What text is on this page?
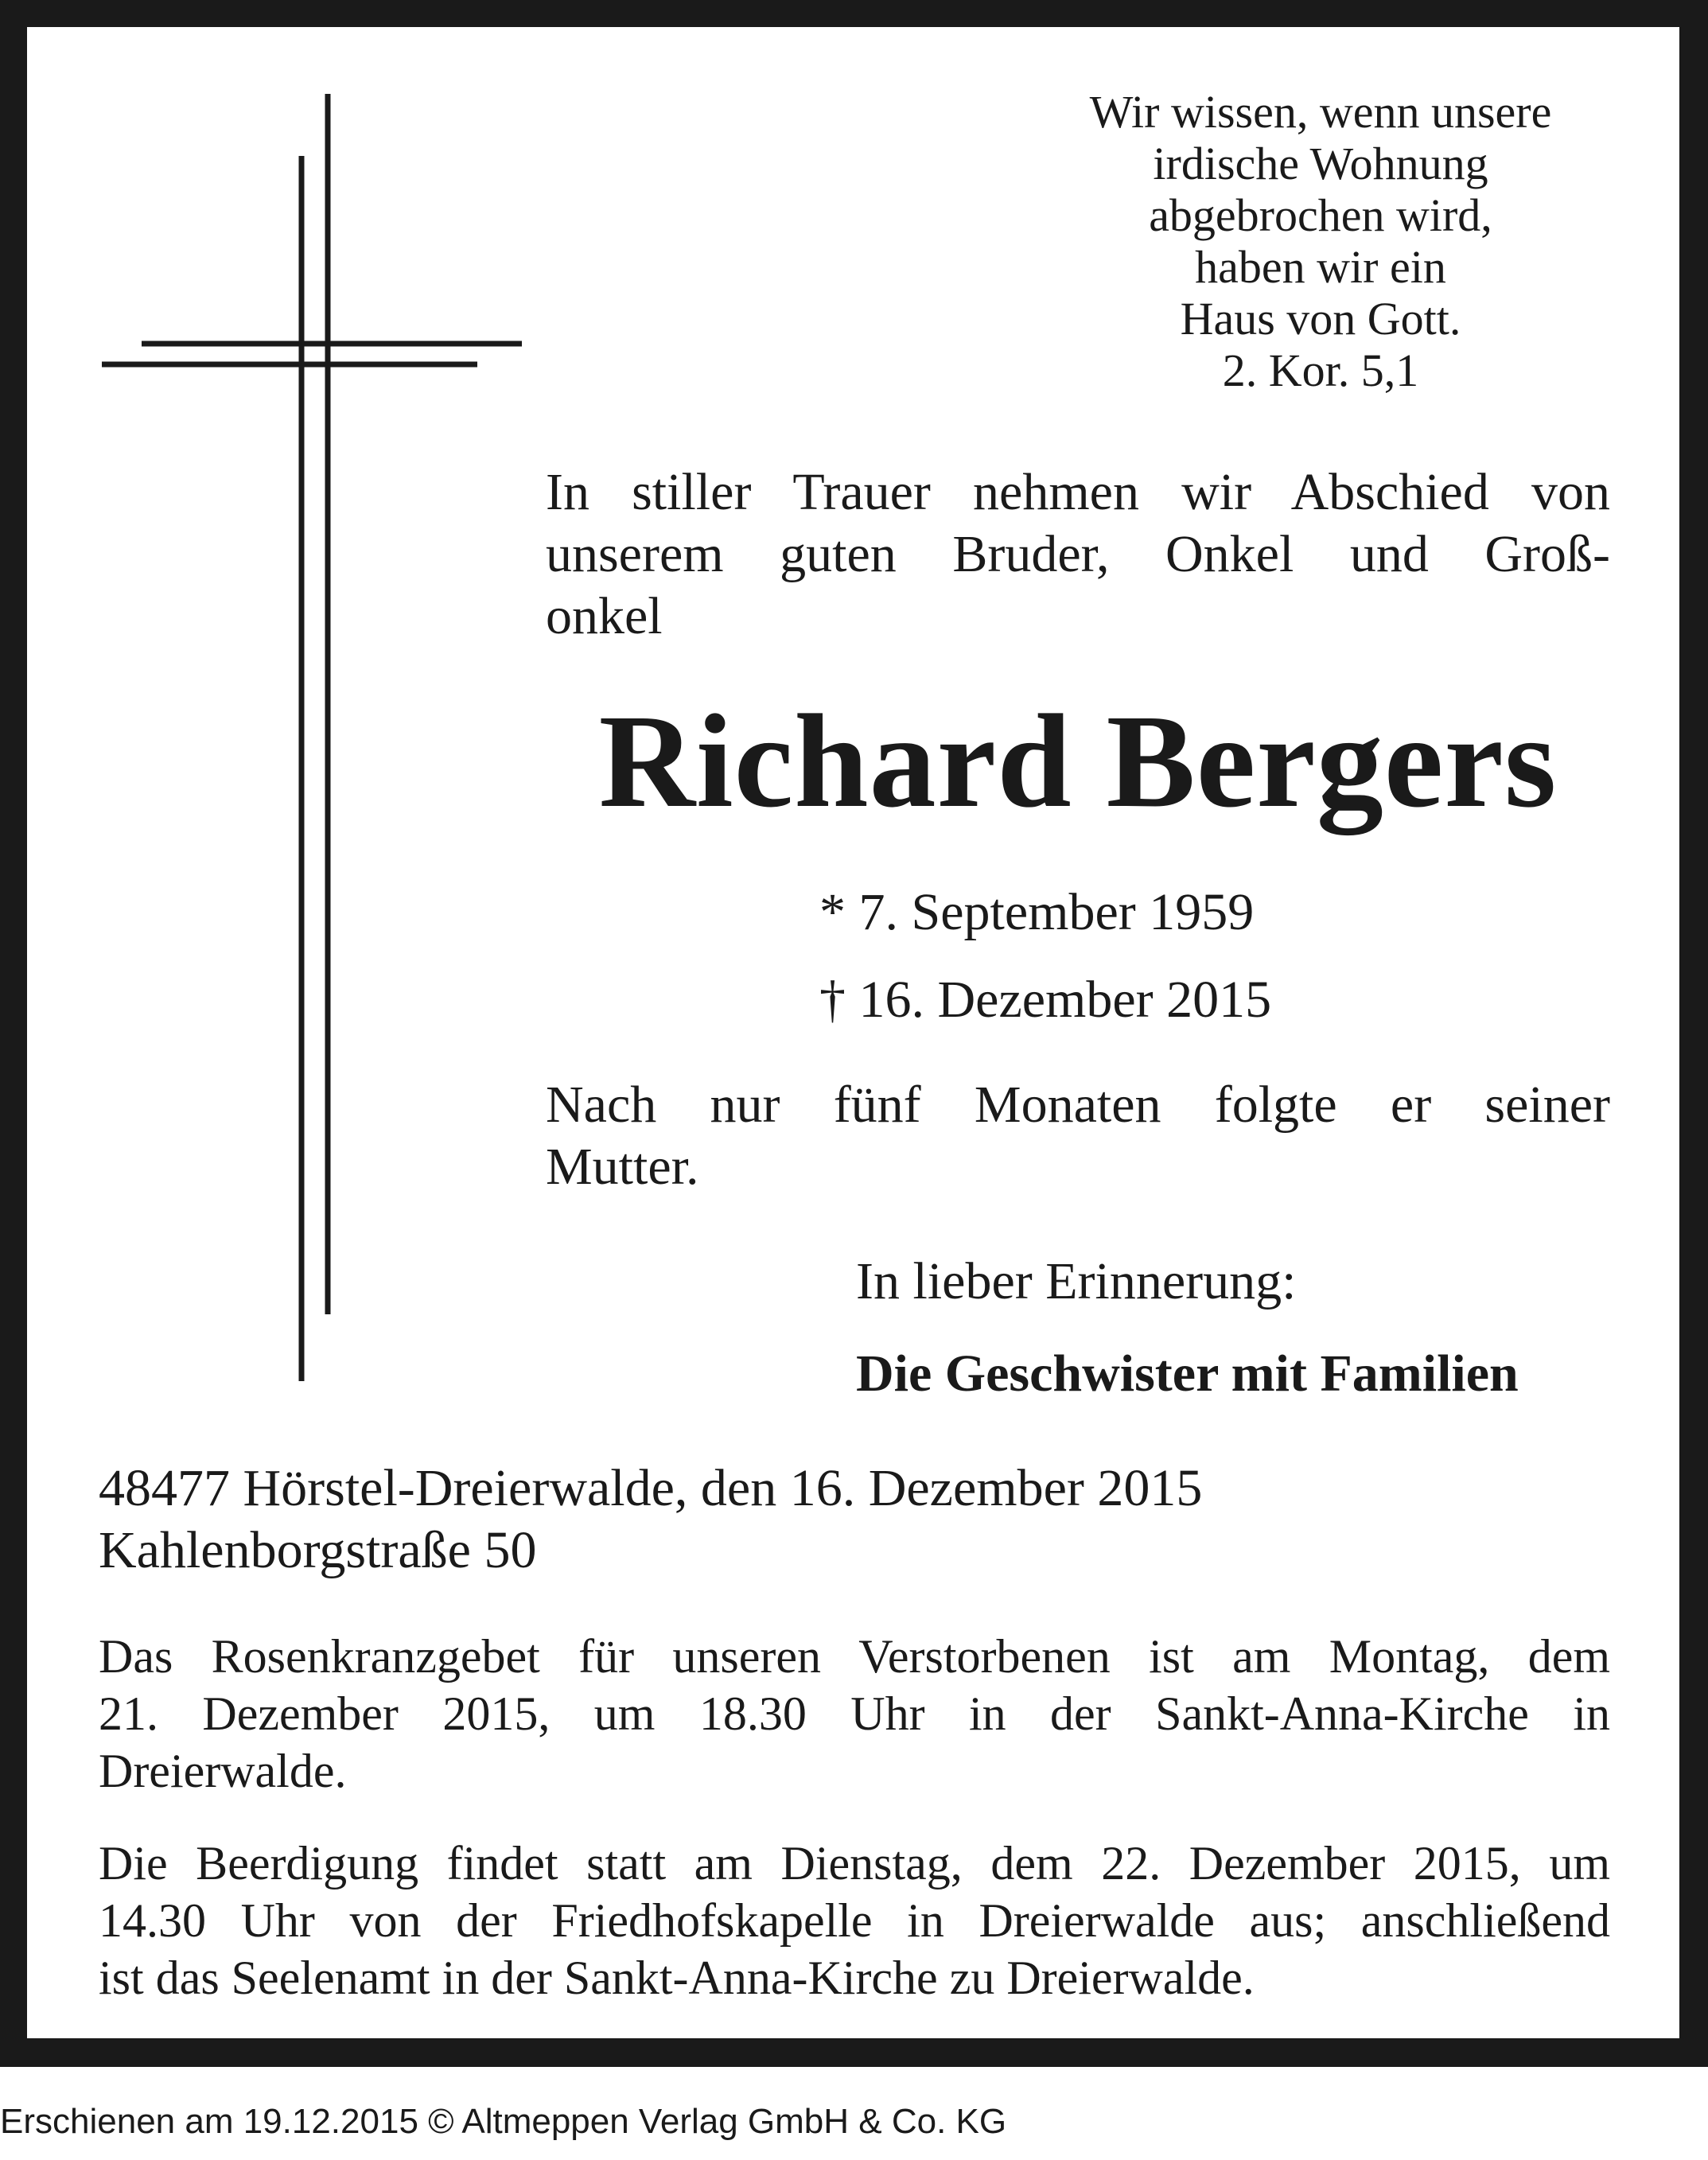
Wir wissen, wenn unsere
irdische Wohnung
abgebrochen wird,
haben wir ein
Haus von Gott.
2. Kor. 5,1
In stiller Trauer nehmen wir Abschied von
unserem guten Bruder, Onkel und Groß-
onkel
Richard Bergers
* 7. September 1959
† 16. Dezember 2015
Nach nur fünf Monaten folgte er seiner
Mutter.
In lieber Erinnerung:
Die Geschwister mit Familien
48477 Hörstel-Dreierwalde, den 16. Dezember 2015
Kahlenborgstraße 50
Das Rosenkranzgebet für unseren Verstorbenen ist am Montag, dem
21. Dezember 2015, um 18.30 Uhr in der Sankt-Anna-Kirche in
Dreierwalde.
Die Beerdigung findet statt am Dienstag, dem 22. Dezember 2015, um
14.30 Uhr von der Friedhofskapelle in Dreierwalde aus; anschließend
ist das Seelenamt in der Sankt-Anna-Kirche zu Dreierwalde.
Erschienen am 19.12.2015 © Altmeppen Verlag GmbH & Co. KG
